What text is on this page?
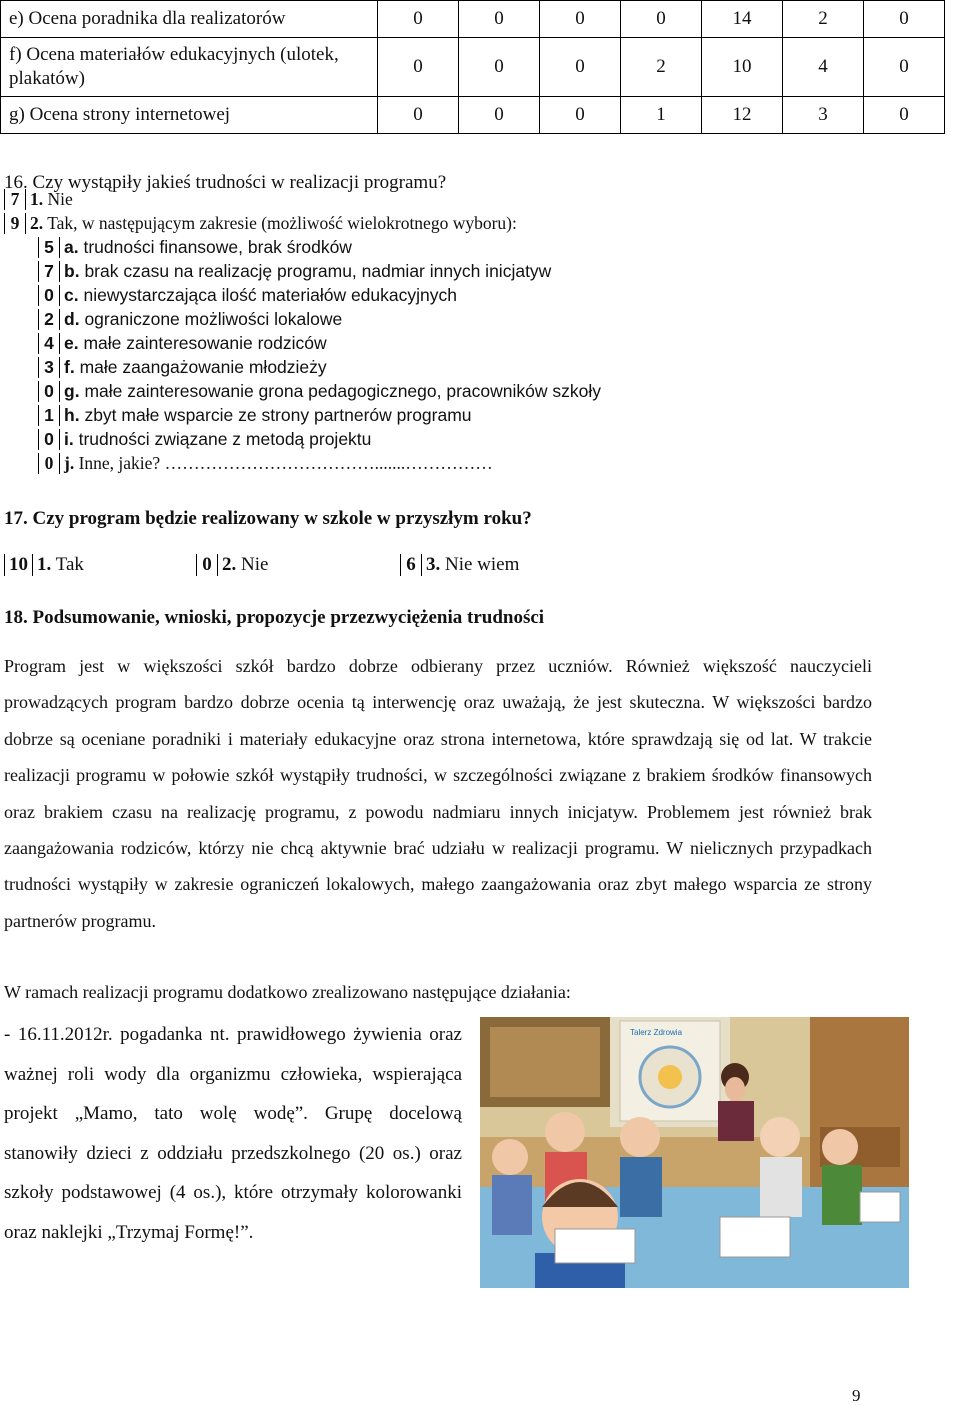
e) Ocena poradnika dla realizatorów	0	0	0	0	14	2	0
f) Ocena materiałów edukacyjnych (ulotek, plakatów)	0	0	0	2	10	4	0
g) Ocena strony internetowej	0	0	0	1	12	3	0
16. Czy wystąpiły jakieś trudności w realizacji programu?
7 1. Nie
9 2. Tak, w następującym zakresie (możliwość wielokrotnego wyboru):
5 a. trudności finansowe, brak środków
7 b. brak czasu na realizację programu, nadmiar innych inicjatyw
0 c. niewystarczająca ilość materiałów edukacyjnych
2 d. ograniczone możliwości lokalowe
4 e. małe zainteresowanie rodziców
3 f. małe zaangażowanie młodzieży
0 g. małe zainteresowanie grona pedagogicznego, pracowników szkoły
1 h. zbyt małe wsparcie ze strony partnerów programu
0 i. trudności związane z metodą projektu
0 j. Inne, jakie? ……………………………….......……………
17. Czy program będzie realizowany w szkole w przyszłym roku?
10 1. Tak	0 2. Nie	6 3. Nie wiem
18. Podsumowanie, wnioski, propozycje przezwyciężenia trudności
Program jest w większości szkół bardzo dobrze odbierany przez uczniów. Również większość nauczycieli prowadzących program bardzo dobrze ocenia tą interwencję oraz uważają, że jest skuteczna. W większości bardzo dobrze są oceniane poradniki i materiały edukacyjne oraz strona internetowa, które sprawdzają się od lat. W trakcie realizacji programu w połowie szkół wystąpiły trudności, w szczególności związane z brakiem środków finansowych oraz brakiem czasu na realizację programu, z powodu nadmiaru innych inicjatyw. Problemem jest również brak zaangażowania rodziców, którzy nie chcą aktywnie brać udziału w realizacji programu. W nielicznych przypadkach trudności wystąpiły w zakresie ograniczeń lokalowych, małego zaangażowania oraz zbyt małego wsparcia ze strony partnerów programu.
W ramach realizacji programu dodatkowo zrealizowano następujące działania:
- 16.11.2012r. pogadanka nt. prawidłowego żywienia oraz ważnej roli wody dla organizmu człowieka, wspierająca projekt „Mamo, tato wolę wodę”. Grupę docelową stanowiły dzieci z oddziału przedszkolnego (20 os.) oraz szkoły podstawowej (4 os.), które otrzymały kolorowanki oraz naklejki „Trzymaj Formę!”.
Talerz Zdrowia
9
